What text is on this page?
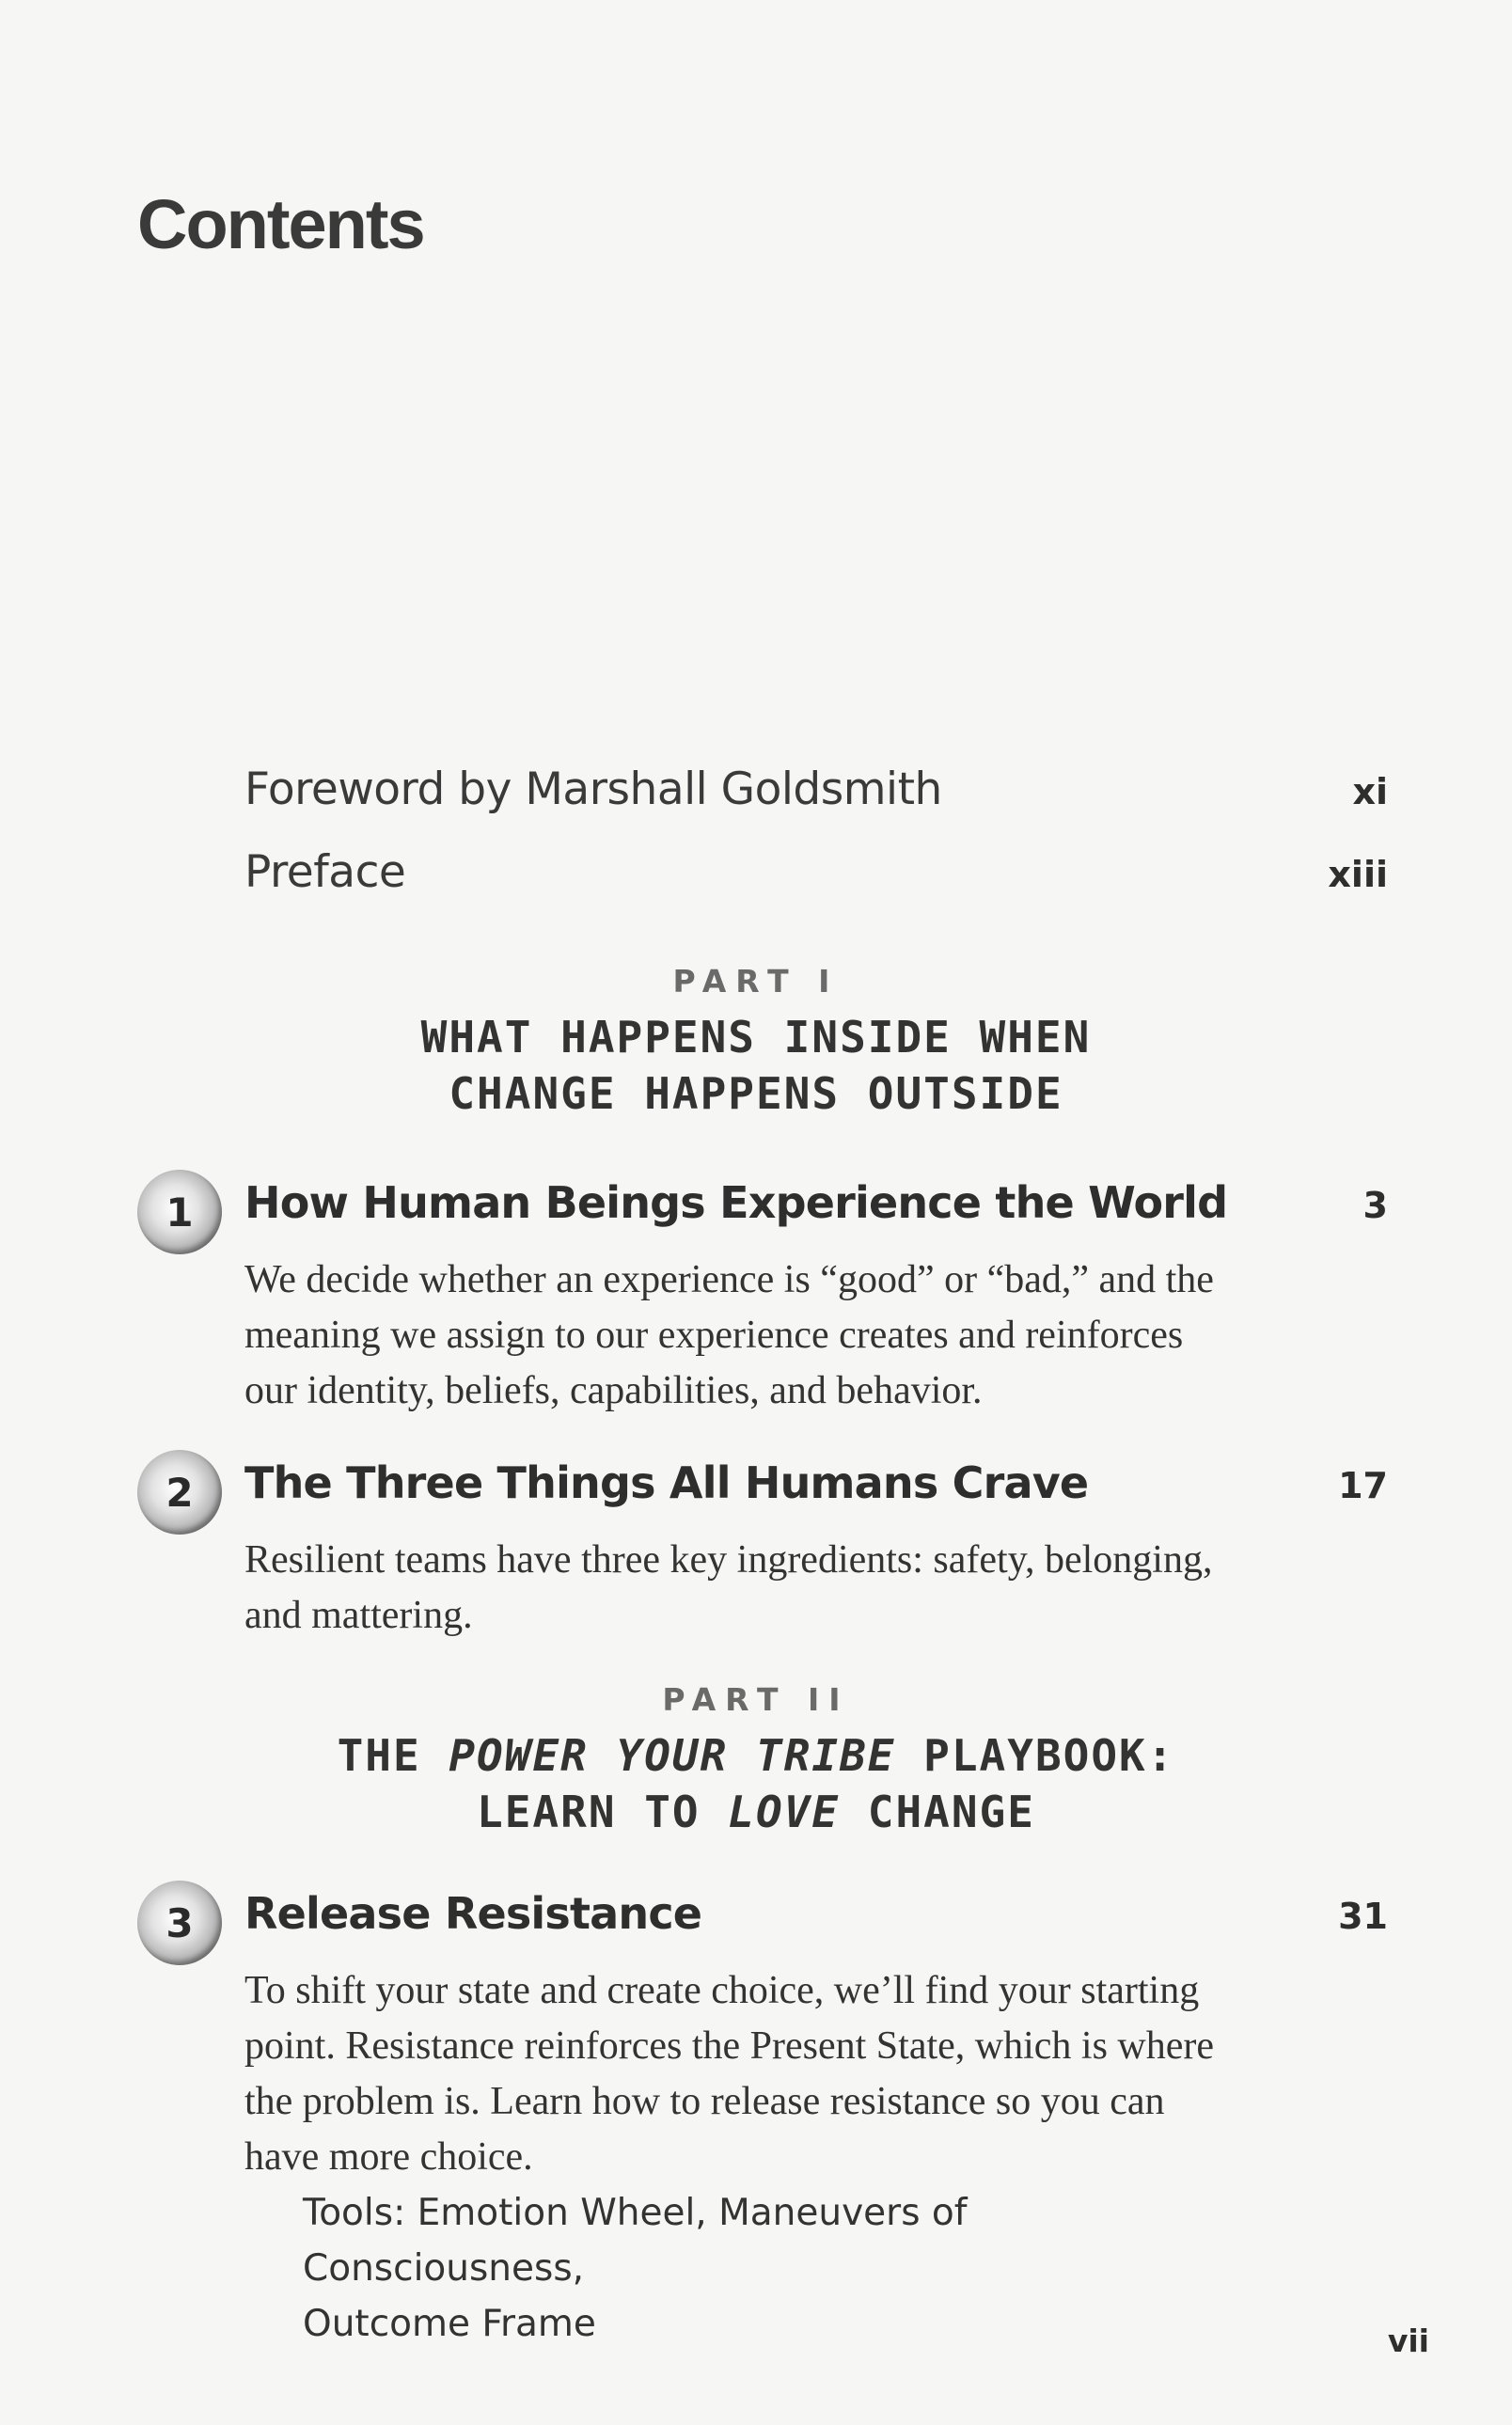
Contents
Foreword by Marshall Goldsmith	xi
Preface	xiii
PART I
WHAT HAPPENS INSIDE WHEN
CHANGE HAPPENS OUTSIDE
1	How Human Beings Experience the World	3
We decide whether an experience is “good” or “bad,” and the
meaning we assign to our experience creates and reinforces
our identity, beliefs, capabilities, and behavior.
2	The Three Things All Humans Crave	17
Resilient teams have three key ingredients: safety, belonging,
and mattering.
PART II
THE POWER YOUR TRIBE PLAYBOOK:
LEARN TO LOVE CHANGE
3	Release Resistance	31
To shift your state and create choice, we’ll find your starting
point. Resistance reinforces the Present State, which is where
the problem is. Learn how to release resistance so you can
have more choice.
Tools: Emotion Wheel, Maneuvers of Consciousness,
Outcome Frame	vii
